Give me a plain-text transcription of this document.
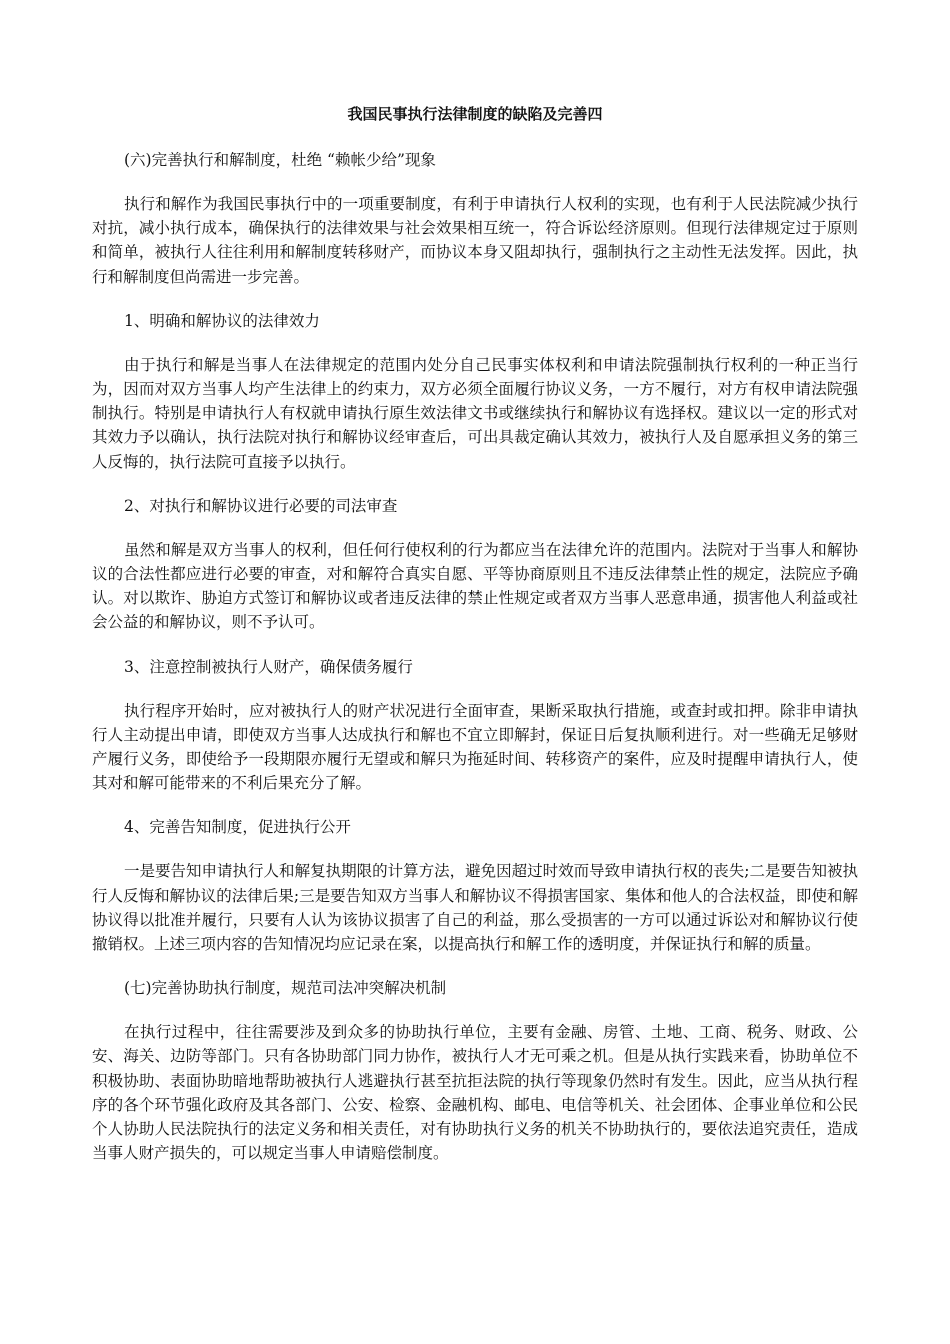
我国民事执行法律制度的缺陷及完善四
(六)完善执行和解制度，杜绝 “赖帐少给”现象
执行和解作为我国民事执行中的一项重要制度，有利于申请执行人权利的实现，也有利于人民法院减少执行对抗，减小执行成本，确保执行的法律效果与社会效果相互统一，符合诉讼经济原则。但现行法律规定过于原则和简单，被执行人往往利用和解制度转移财产，而协议本身又阻却执行，强制执行之主动性无法发挥。因此，执行和解制度但尚需进一步完善。
1、明确和解协议的法律效力
由于执行和解是当事人在法律规定的范围内处分自己民事实体权利和申请法院强制执行权利的一种正当行为，因而对双方当事人均产生法律上的约束力，双方必须全面履行协议义务，一方不履行，对方有权申请法院强制执行。特别是申请执行人有权就申请执行原生效法律文书或继续执行和解协议有选择权。建议以一定的形式对其效力予以确认，执行法院对执行和解协议经审查后，可出具裁定确认其效力，被执行人及自愿承担义务的第三人反悔的，执行法院可直接予以执行。
2、对执行和解协议进行必要的司法审查
虽然和解是双方当事人的权利，但任何行使权利的行为都应当在法律允许的范围内。法院对于当事人和解协议的合法性都应进行必要的审查，对和解符合真实自愿、平等协商原则且不违反法律禁止性的规定，法院应予确认。对以欺诈、胁迫方式签订和解协议或者违反法律的禁止性规定或者双方当事人恶意串通，损害他人利益或社会公益的和解协议，则不予认可。
3、注意控制被执行人财产，确保债务履行
执行程序开始时，应对被执行人的财产状况进行全面审查，果断采取执行措施，或查封或扣押。除非申请执行人主动提出申请，即使双方当事人达成执行和解也不宜立即解封，保证日后复执顺利进行。对一些确无足够财产履行义务，即使给予一段期限亦履行无望或和解只为拖延时间、转移资产的案件，应及时提醒申请执行人，使其对和解可能带来的不利后果充分了解。
4、完善告知制度，促进执行公开
一是要告知申请执行人和解复执期限的计算方法，避免因超过时效而导致申请执行权的丧失;二是要告知被执行人反悔和解协议的法律后果;三是要告知双方当事人和解协议不得损害国家、集体和他人的合法权益，即使和解协议得以批准并履行，只要有人认为该协议损害了自己的利益，那么受损害的一方可以通过诉讼对和解协议行使撤销权。上述三项内容的告知情况均应记录在案，以提高执行和解工作的透明度，并保证执行和解的质量。
(七)完善协助执行制度，规范司法冲突解决机制
在执行过程中，往往需要涉及到众多的协助执行单位，主要有金融、房管、土地、工商、税务、财政、公安、海关、边防等部门。只有各协助部门同力协作，被执行人才无可乘之机。但是从执行实践来看，协助单位不积极协助、表面协助暗地帮助被执行人逃避执行甚至抗拒法院的执行等现象仍然时有发生。因此，应当从执行程序的各个环节强化政府及其各部门、公安、检察、金融机构、邮电、电信等机关、社会团体、企事业单位和公民个人协助人民法院执行的法定义务和相关责任，对有协助执行义务的机关不协助执行的，要依法追究责任，造成当事人财产损失的，可以规定当事人申请赔偿制度。
